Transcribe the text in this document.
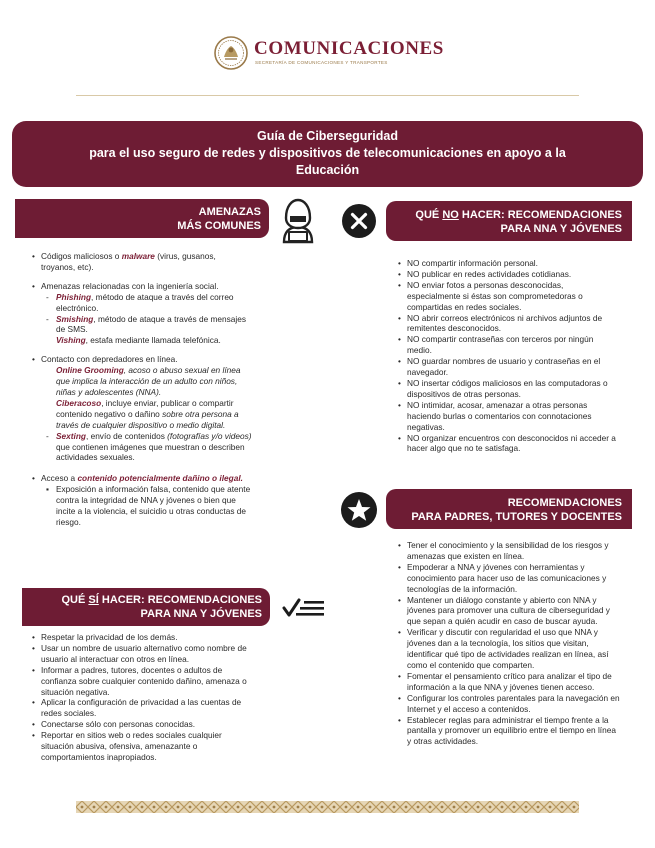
COMUNICACIONES
SECRETARÍA DE COMUNICACIONES Y TRANSPORTES
Guía de Ciberseguridad
para el uso seguro de redes y dispositivos de telecomunicaciones en apoyo a la
Educación
AMENAZAS
MÁS COMUNES
• Códigos maliciosos o malware (virus, gusanos, troyanos, etc).
• Amenazas relacionadas con la ingeniería social.
- Phishing, método de ataque a través del correo electrónico.
- Smishing, método de ataque a través de mensajes de SMS.
Vishing, estafa mediante llamada telefónica.
• Contacto con depredadores en línea.
Online Grooming, acoso o abuso sexual en línea que implica la interacción de un adulto con niños, niñas y adolescentes (NNA).
Ciberacoso, incluye enviar, publicar o compartir contenido negativo o dañino sobre otra persona a través de cualquier dispositivo o medio digital.
- Sexting, envío de contenidos (fotografías y/o videos) que contienen imágenes que muestran o describen actividades sexuales.
• Acceso a contenido potencialmente dañino o ilegal.
▪ Exposición a información falsa, contenido que atente contra la integridad de NNA y jóvenes o bien que incite a la violencia, el suicidio u otras conductas de riesgo.
QUÉ NO HACER: RECOMENDACIONES
PARA NNA Y JÓVENES
• NO compartir información personal.
• NO publicar en redes actividades cotidianas.
• NO enviar fotos a personas desconocidas, especialmente si éstas son comprometedoras o compartidas en redes sociales.
• NO abrir correos electrónicos ni archivos adjuntos de remitentes desconocidos.
• NO compartir contraseñas con terceros por ningún medio.
• NO guardar nombres de usuario y contraseñas en el navegador.
• NO insertar códigos maliciosos en las computadoras o dispositivos de otras personas.
• NO intimidar, acosar, amenazar a otras personas haciendo burlas o comentarios con connotaciones negativas.
• NO organizar encuentros con desconocidos ni acceder a hacer algo que no te satisfaga.
RECOMENDACIONES
PARA PADRES, TUTORES Y DOCENTES
• Tener el conocimiento y la sensibilidad de los riesgos y amenazas que existen en línea.
• Empoderar a NNA y jóvenes con herramientas y conocimiento para hacer uso de las comunicaciones y tecnologías de la información.
• Mantener un diálogo constante y abierto con NNA y jóvenes para promover una cultura de ciberseguridad y que sepan a quién acudir en caso de buscar ayuda.
• Verificar y discutir con regularidad el uso que NNA y jóvenes dan a la tecnología, los sitios que visitan, identificar qué tipo de actividades realizan en línea, así como el contenido que comparten.
• Fomentar el pensamiento crítico para analizar el tipo de información a la que NNA y jóvenes tienen acceso.
• Configurar los controles parentales para la navegación en Internet y el acceso a contenidos.
• Establecer reglas para administrar el tiempo frente a la pantalla y promover un equilibrio entre el tiempo en línea y otras actividades.
QUÉ SÍ HACER: RECOMENDACIONES
PARA NNA Y JÓVENES
• Respetar la privacidad de los demás.
• Usar un nombre de usuario alternativo como nombre de usuario al interactuar con otros en línea.
• Informar a padres, tutores, docentes o adultos de confianza sobre cualquier contenido dañino, amenaza o situación negativa.
• Aplicar la configuración de privacidad a las cuentas de redes sociales.
• Conectarse sólo con personas conocidas.
• Reportar en sitios web o redes sociales cualquier situación abusiva, ofensiva, amenazante o comportamientos inapropiados.
